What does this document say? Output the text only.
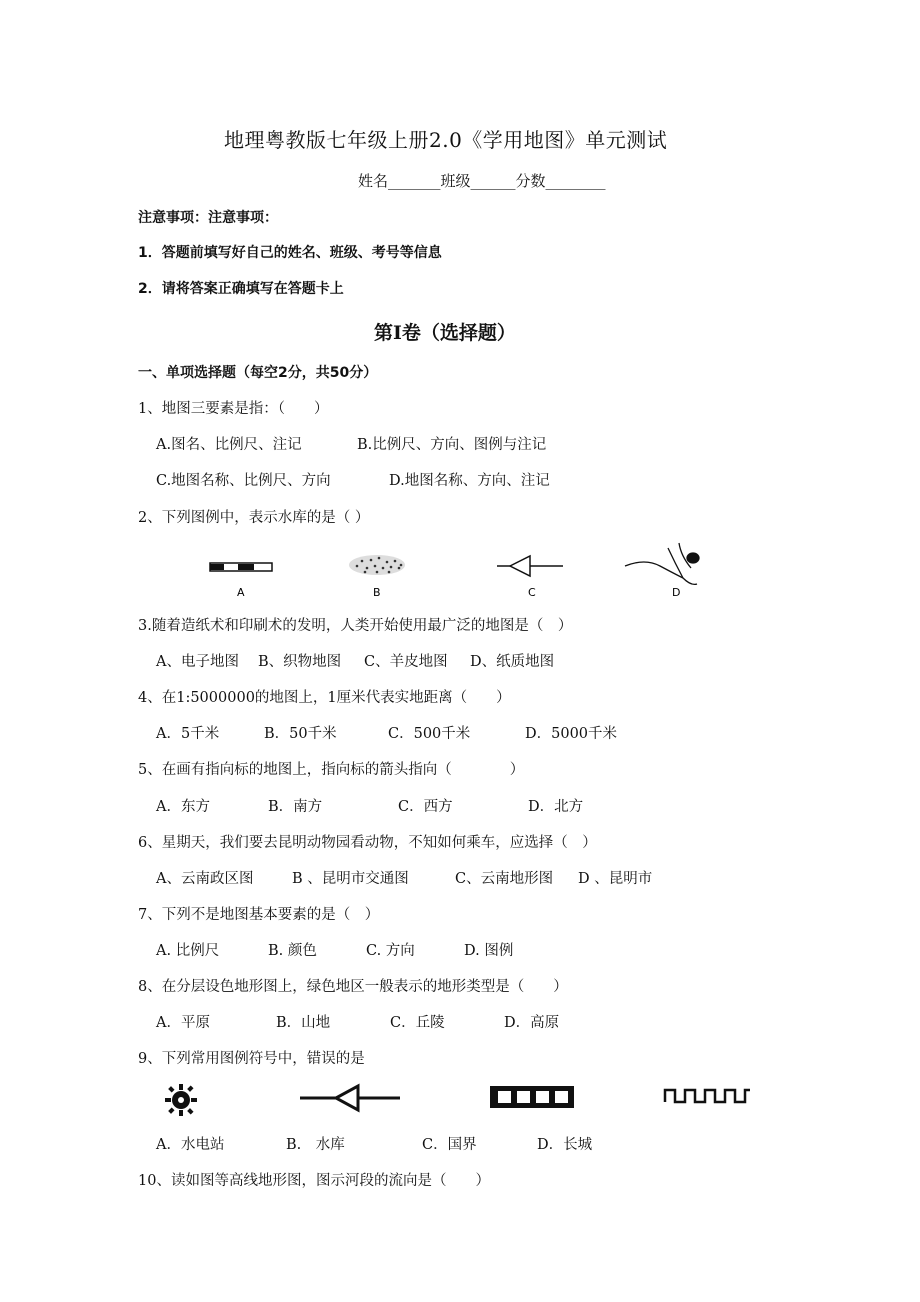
地理粤教版七年级上册2.0《学用地图》单元测试
姓名_______班级______分数________
注意事项：注意事项：
1．答题前填写好自己的姓名、班级、考号等信息
2．请将答案正确填写在答题卡上
第I卷（选择题）
一、单项选择题（每空2分，共50分）
1、地图三要素是指：（　　）
A.图名、比例尺、注记	B.比例尺、方向、图例与注记
C.地图名称、比例尺、方向	D.地图名称、方向、注记
2、下列图例中，表示水库的是（ ）
A	B	C	D
3.随着造纸术和印刷术的发明，人类开始使用最广泛的地图是（　）
A、电子地图 B、织物地图 C、羊皮地图 D、纸质地图
4、在1:5000000的地图上，1厘米代表实地距离（　　）
A．5千米	B．50千米	C．500千米	D．5000千米
5、在画有指向标的地图上，指向标的箭头指向（　　　　）
A．东方	B．南方	C．西方	D．北方
6、星期天，我们要去昆明动物园看动物，不知如何乘车，应选择（　）
A、云南政区图	B 、昆明市交通图	C、云南地形图 D 、昆明市
7、下列不是地图基本要素的是（　）
A. 比例尺	B. 颜色	C. 方向	D. 图例
8、在分层设色地形图上，绿色地区一般表示的地形类型是（　　）
A．平原	B．山地	C．丘陵	D．高原
9、下列常用图例符号中，错误的是
A．水电站	B.　水库	C．国界	D．长城
10、读如图等高线地形图，图示河段的流向是（　　）
